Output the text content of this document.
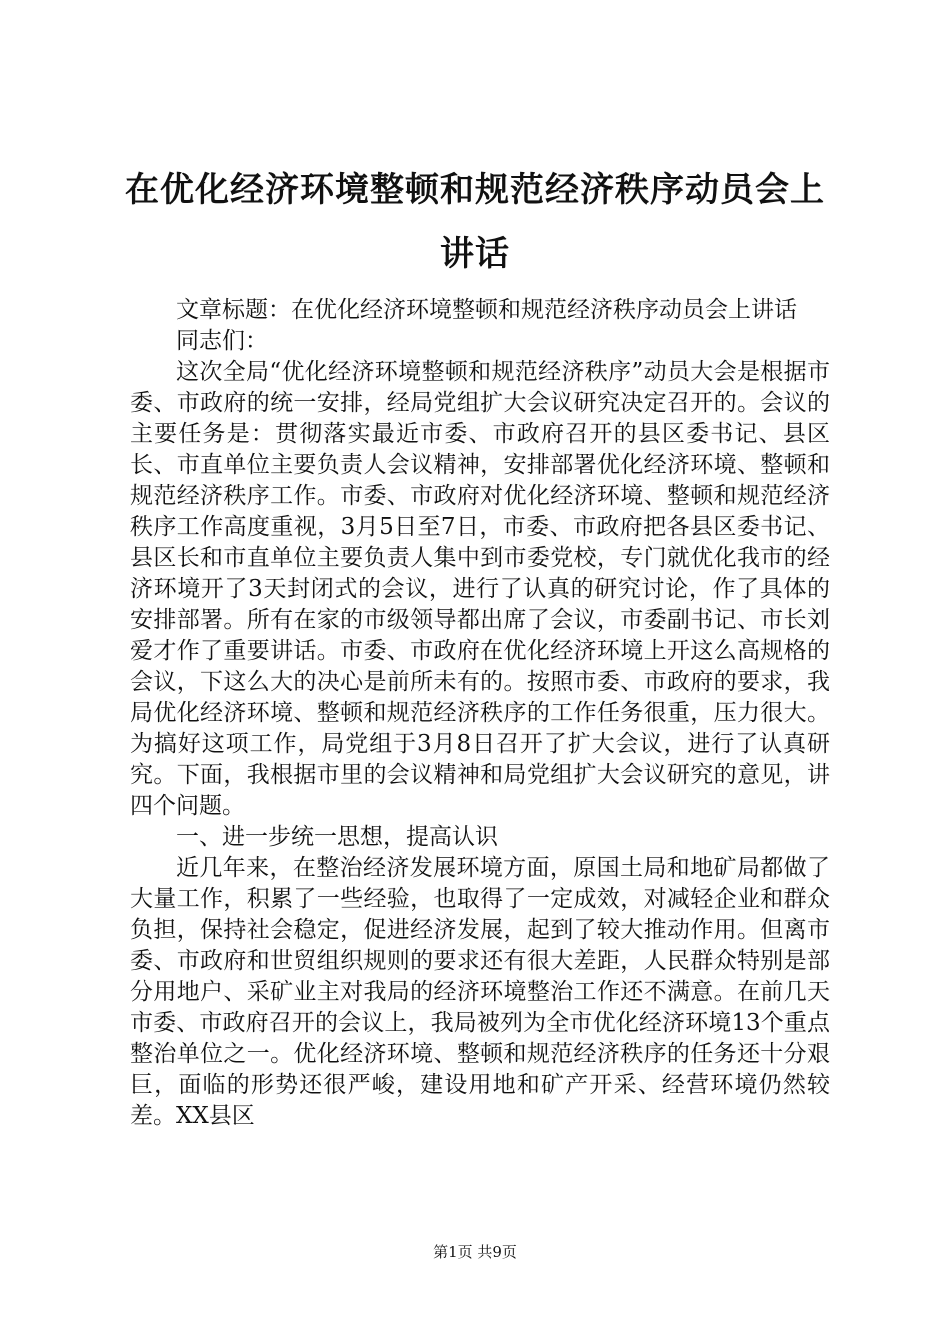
在优化经济环境整顿和规范经济秩序动员会上讲话

文章标题：在优化经济环境整顿和规范经济秩序动员会上讲话

同志们：

这次全局“优化经济环境整顿和规范经济秩序”动员大会是根据市委、市政府的统一安排，经局党组扩大会议研究决定召开的。会议的主要任务是：贯彻落实最近市委、市政府召开的县区委书记、县区长、市直单位主要负责人会议精神，安排部署优化经济环境、整顿和规范经济秩序工作。市委、市政府对优化经济环境、整顿和规范经济秩序工作高度重视，3月5日至7日，市委、市政府把各县区委书记、县区长和市直单位主要负责人集中到市委党校，专门就优化我市的经济环境开了3天封闭式的会议，进行了认真的研究讨论，作了具体的安排部署。所有在家的市级领导都出席了会议，市委副书记、市长刘爱才作了重要讲话。市委、市政府在优化经济环境上开这么高规格的会议，下这么大的决心是前所未有的。按照市委、市政府的要求，我局优化经济环境、整顿和规范经济秩序的工作任务很重，压力很大。为搞好这项工作，局党组于3月8日召开了扩大会议，进行了认真研究。下面，我根据市里的会议精神和局党组扩大会议研究的意见，讲四个问题。

一、进一步统一思想，提高认识

近几年来，在整治经济发展环境方面，原国土局和地矿局都做了大量工作，积累了一些经验，也取得了一定成效，对减轻企业和群众负担，保持社会稳定，促进经济发展，起到了较大推动作用。但离市委、市政府和世贸组织规则的要求还有很大差距，人民群众特别是部分用地户、采矿业主对我局的经济环境整治工作还不满意。在前几天市委、市政府召开的会议上，我局被列为全市优化经济环境13个重点整治单位之一。优化经济环境、整顿和规范经济秩序的任务还十分艰巨，面临的形势还很严峻，建设用地和矿产开采、经营环境仍然较差。XX县区

第1页 共9页
